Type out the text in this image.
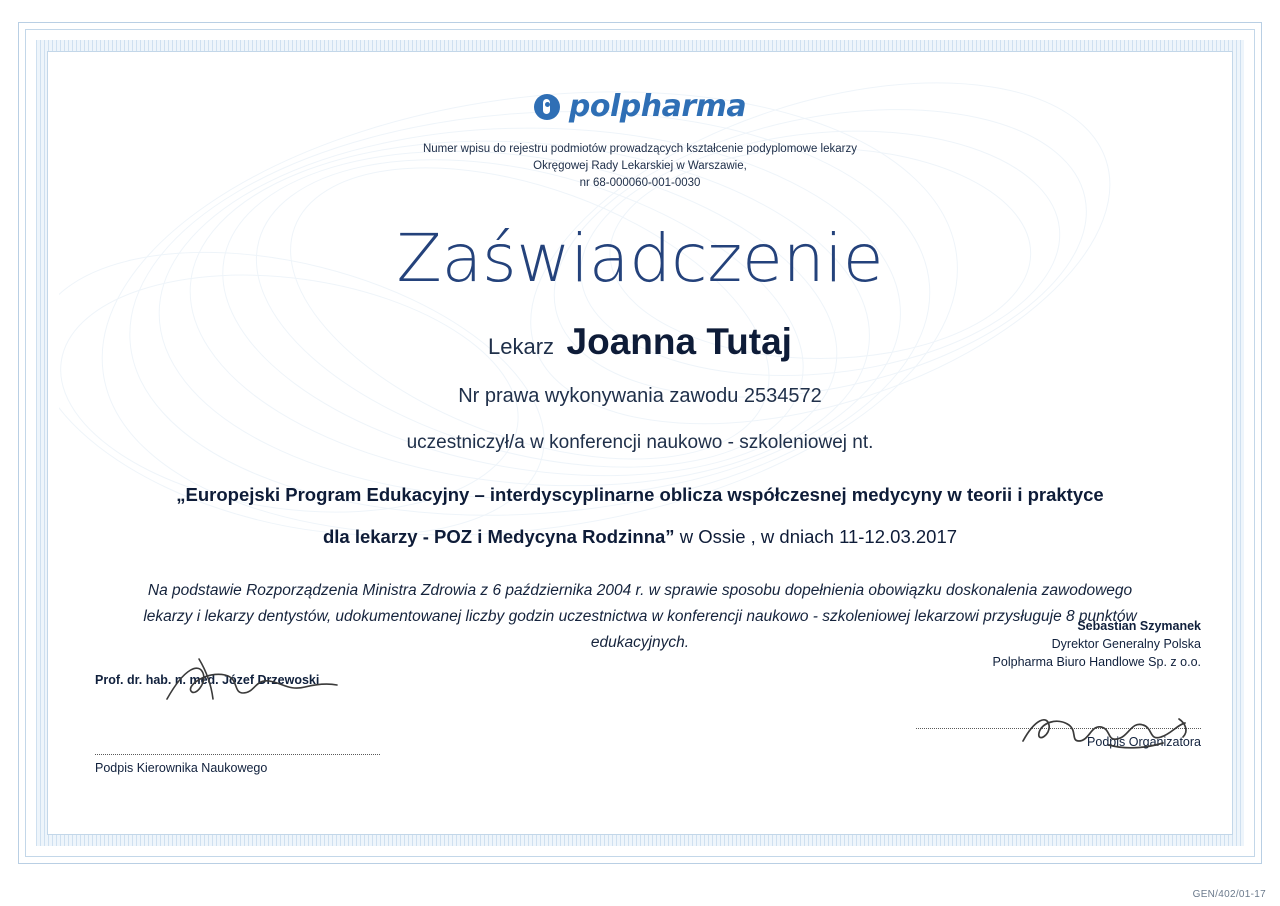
polpharma
Numer wpisu do rejestru podmiotów prowadzących kształcenie podyplomowe lekarzy
Okręgowej Rady Lekarskiej w Warszawie,
nr 68-000060-001-0030
Zaświadczenie
Lekarz Joanna Tutaj
Nr prawa wykonywania zawodu 2534572
uczestniczył/a w konferencji naukowo - szkoleniowej nt.
„Europejski Program Edukacyjny – interdyscyplinarne oblicza współczesnej medycyny w teorii i praktyce
dla lekarzy - POZ i Medycyna Rodzinna” w Ossie , w dniach 11-12.03.2017
Na podstawie Rozporządzenia Ministra Zdrowia z 6 października 2004 r. w sprawie sposobu dopełnienia obowiązku doskonalenia zawodowego lekarzy i lekarzy dentystów, udokumentowanej liczby godzin uczestnictwa w konferencji naukowo - szkoleniowej lekarzowi przysługuje 8 punktów edukacyjnych.
Prof. dr. hab. n. med. Józef Drzewoski
Podpis Kierownika Naukowego
Sebastian Szymanek
Dyrektor Generalny Polska
Polpharma Biuro Handlowe Sp. z o.o.
Podpis Organizatora
GEN/402/01-17
